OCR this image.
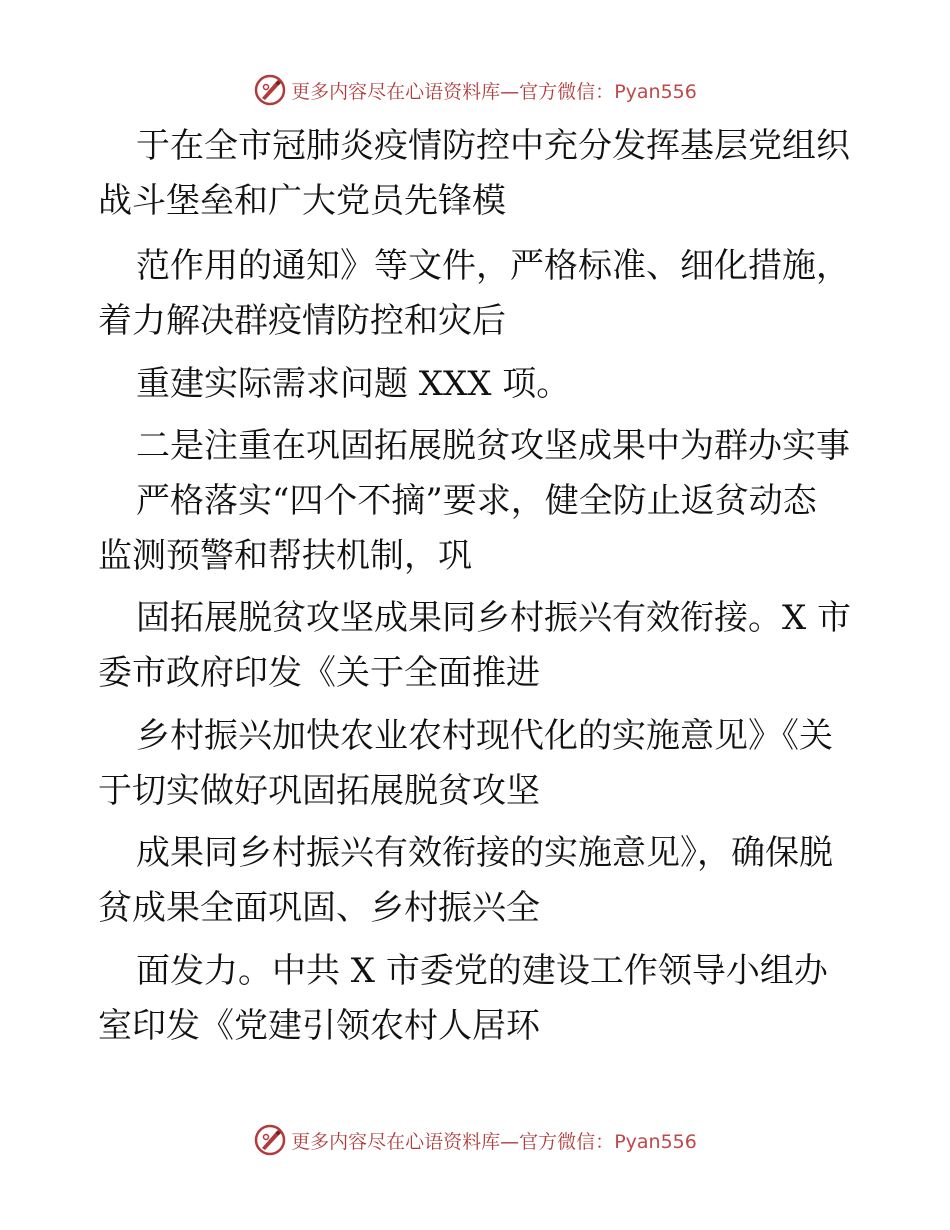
更多内容尽在心语资料库—官方微信：Pyan556
于在全市冠肺炎疫情防控中充分发挥基层党组织
战斗堡垒和广大党员先锋模
范作用的通知》等文件，严格标准、细化措施，
着力解决群疫情防控和灾后
重建实际需求问题 XXX 项。
二是注重在巩固拓展脱贫攻坚成果中为群办实事
严格落实“四个不摘”要求，健全防止返贫动态
监测预警和帮扶机制，巩
固拓展脱贫攻坚成果同乡村振兴有效衔接。X 市
委市政府印发《关于全面推进
乡村振兴加快农业农村现代化的实施意见》《关
于切实做好巩固拓展脱贫攻坚
成果同乡村振兴有效衔接的实施意见》，确保脱
贫成果全面巩固、乡村振兴全
面发力。中共 X 市委党的建设工作领导小组办
室印发《党建引领农村人居环
更多内容尽在心语资料库—官方微信：Pyan556
